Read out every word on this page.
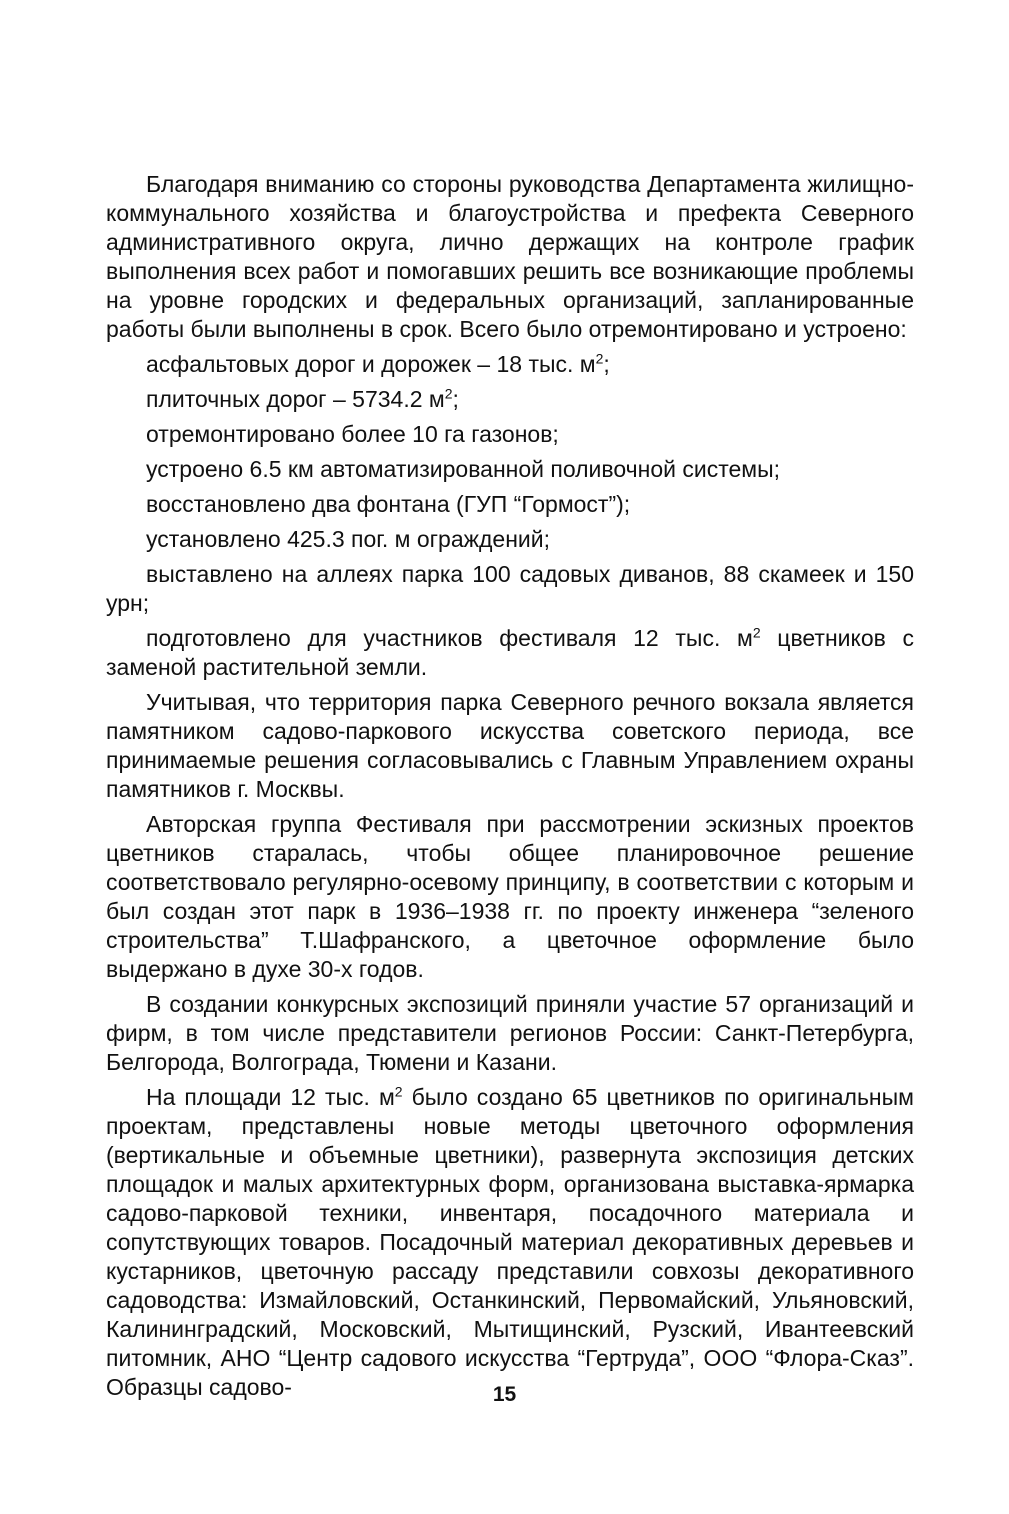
Благодаря вниманию со стороны руководства Департамента жилищно-коммунального хозяйства и благоустройства и префекта Северного административного округа, лично держащих на контроле график выполнения всех работ и помогавших решить все возникающие проблемы на уровне городских и федеральных организаций, запланированные работы были выполнены в срок. Всего было отремонтировано и устроено:

асфальтовых дорог и дорожек – 18 тыс. $м^2$;
плиточных дорог – 5734.2 $м^2$;
отремонтировано более 10 га газонов;
устроено 6.5 км автоматизированной поливочной системы;
восстановлено два фонтана (ГУП “Гормост”);
установлено 425.3 пог. м ограждений;
выставлено на аллеях парка 100 садовых диванов, 88 скамеек и 150 урн;
подготовлено для участников фестиваля 12 тыс. $м^2$ цветников с заменой растительной земли.

Учитывая, что территория парка Северного речного вокзала является памятником садово-паркового искусства советского периода, все принимаемые решения согласовывались с Главным Управлением охраны памятников г. Москвы.

Авторская группа Фестиваля при рассмотрении эскизных проектов цветников старалась, чтобы общее планировочное решение соответствовало регулярно-осевому принципу, в соответствии с которым и был создан этот парк в 1936–1938 гг. по проекту инженера “зеленого строительства” Т.Шафранского, а цветочное оформление было выдержано в духе 30-х годов.

В создании конкурсных экспозиций приняли участие 57 организаций и фирм, в том числе представители регионов России: Санкт-Петербурга, Белгорода, Волгограда, Тюмени и Казани.

На площади 12 тыс. $м^2$ было создано 65 цветников по оригинальным проектам, представлены новые методы цветочного оформления (вертикальные и объемные цветники), развернута экспозиция детских площадок и малых архитектурных форм, организована выставка-ярмарка садово-парковой техники, инвентаря, посадочного материала и сопутствующих товаров. Посадочный материал декоративных деревьев и кустарников, цветочную рассаду представили совхозы декоративного садоводства: Измайловский, Останкинский, Первомайский, Ульяновский, Калининградский, Московский, Мытищинский, Рузский, Ивантеевский питомник, АНО “Центр садового искусства “Гертруда”, ООО “Флора-Сказ”. Образцы садово-	15
